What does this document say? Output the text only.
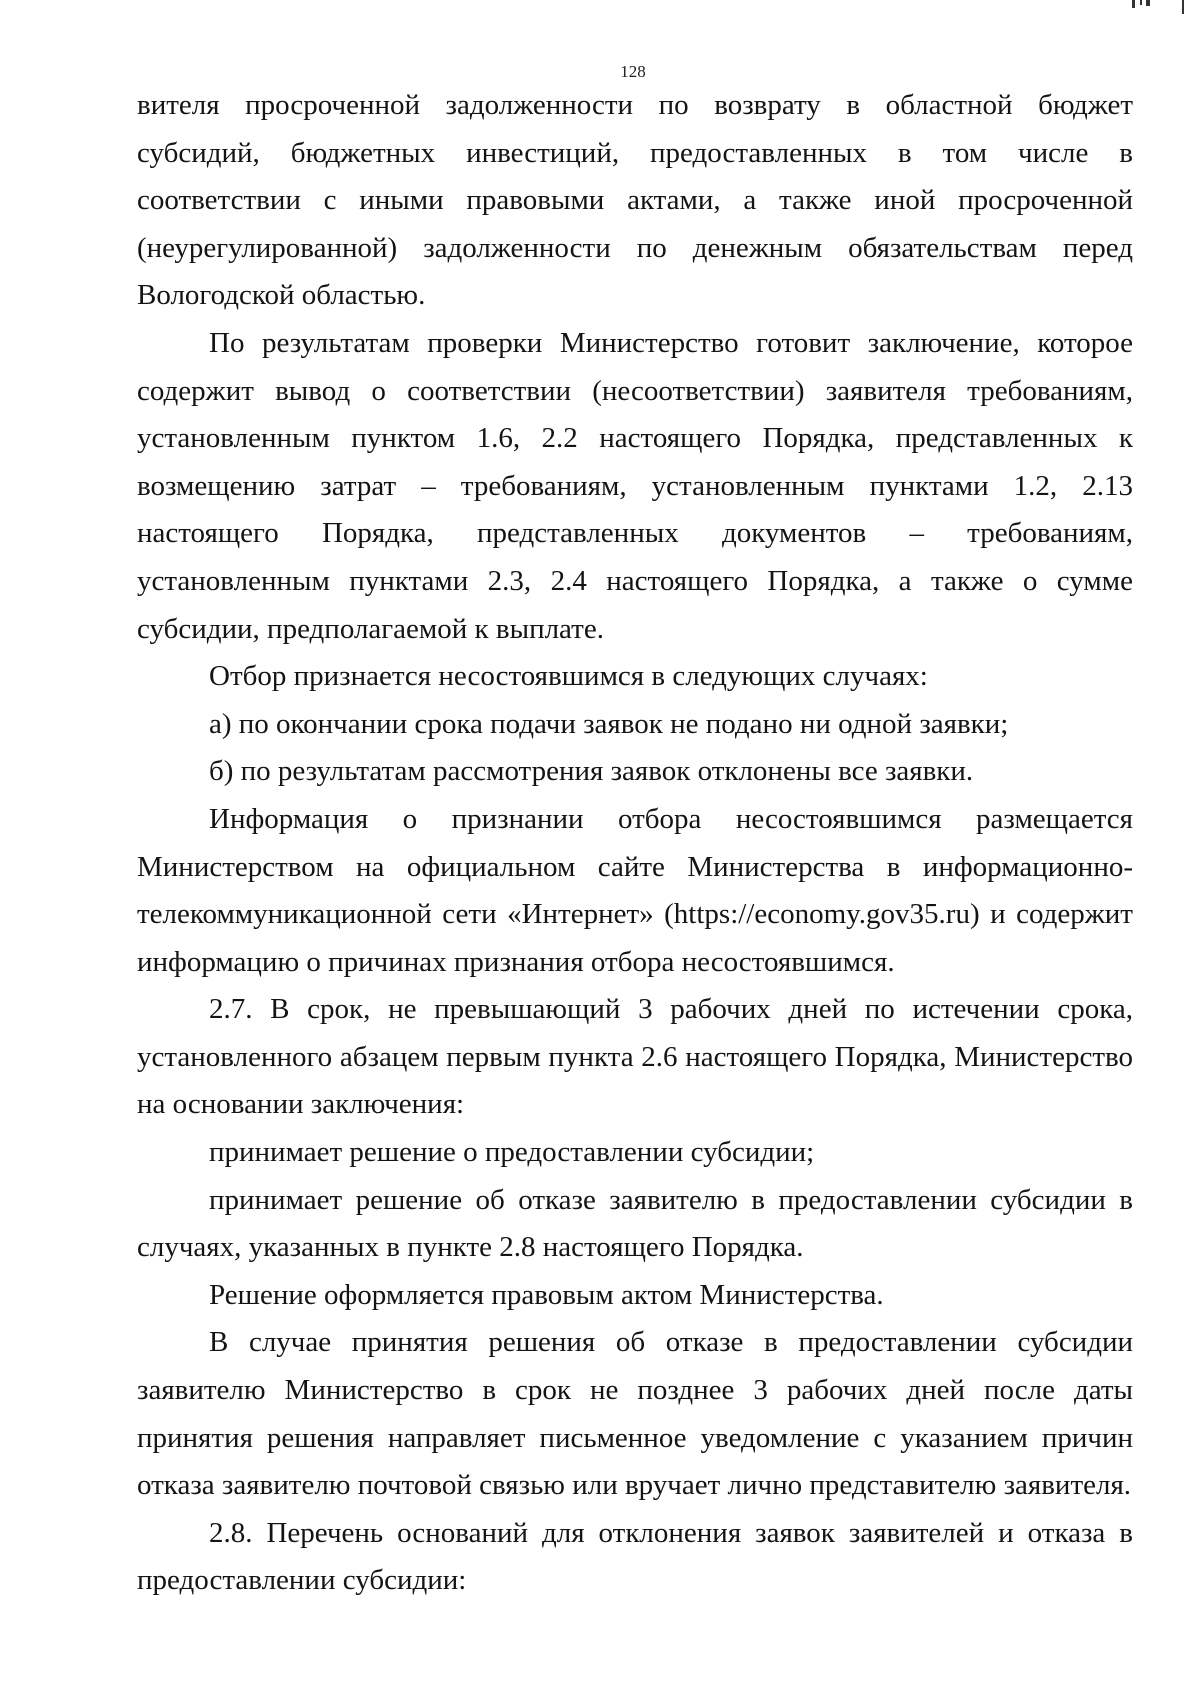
128

вителя просроченной задолженности по возврату в областной бюджет субсидий, бюджетных инвестиций, предоставленных в том числе в соответствии с иными правовыми актами, а также иной просроченной (неурегулированной) задолженности по денежным обязательствам перед Вологодской областью.

По результатам проверки Министерство готовит заключение, которое содержит вывод о соответствии (несоответствии) заявителя требованиям, установленным пунктом 1.6, 2.2 настоящего Порядка, представленных к возмещению затрат – требованиям, установленным пунктами 1.2, 2.13 настоящего Порядка, представленных документов – требованиям, установленным пунктами 2.3, 2.4 настоящего Порядка, а также о сумме субсидии, предполагаемой к выплате.

Отбор признается несостоявшимся в следующих случаях:

а) по окончании срока подачи заявок не подано ни одной заявки;

б) по результатам рассмотрения заявок отклонены все заявки.

Информация о признании отбора несостоявшимся размещается Министерством на официальном сайте Министерства в информационно-телекоммуникационной сети «Интернет» (https://economy.gov35.ru) и содержит информацию о причинах признания отбора несостоявшимся.

2.7. В срок, не превышающий 3 рабочих дней по истечении срока, установленного абзацем первым пункта 2.6 настоящего Порядка, Министерство на основании заключения:

принимает решение о предоставлении субсидии;

принимает решение об отказе заявителю в предоставлении субсидии в случаях, указанных в пункте 2.8 настоящего Порядка.

Решение оформляется правовым актом Министерства.

В случае принятия решения об отказе в предоставлении субсидии заявителю Министерство в срок не позднее 3 рабочих дней после даты принятия решения направляет письменное уведомление с указанием причин отказа заявителю почтовой связью или вручает лично представителю заявителя.

2.8. Перечень оснований для отклонения заявок заявителей и отказа в предоставлении субсидии:
